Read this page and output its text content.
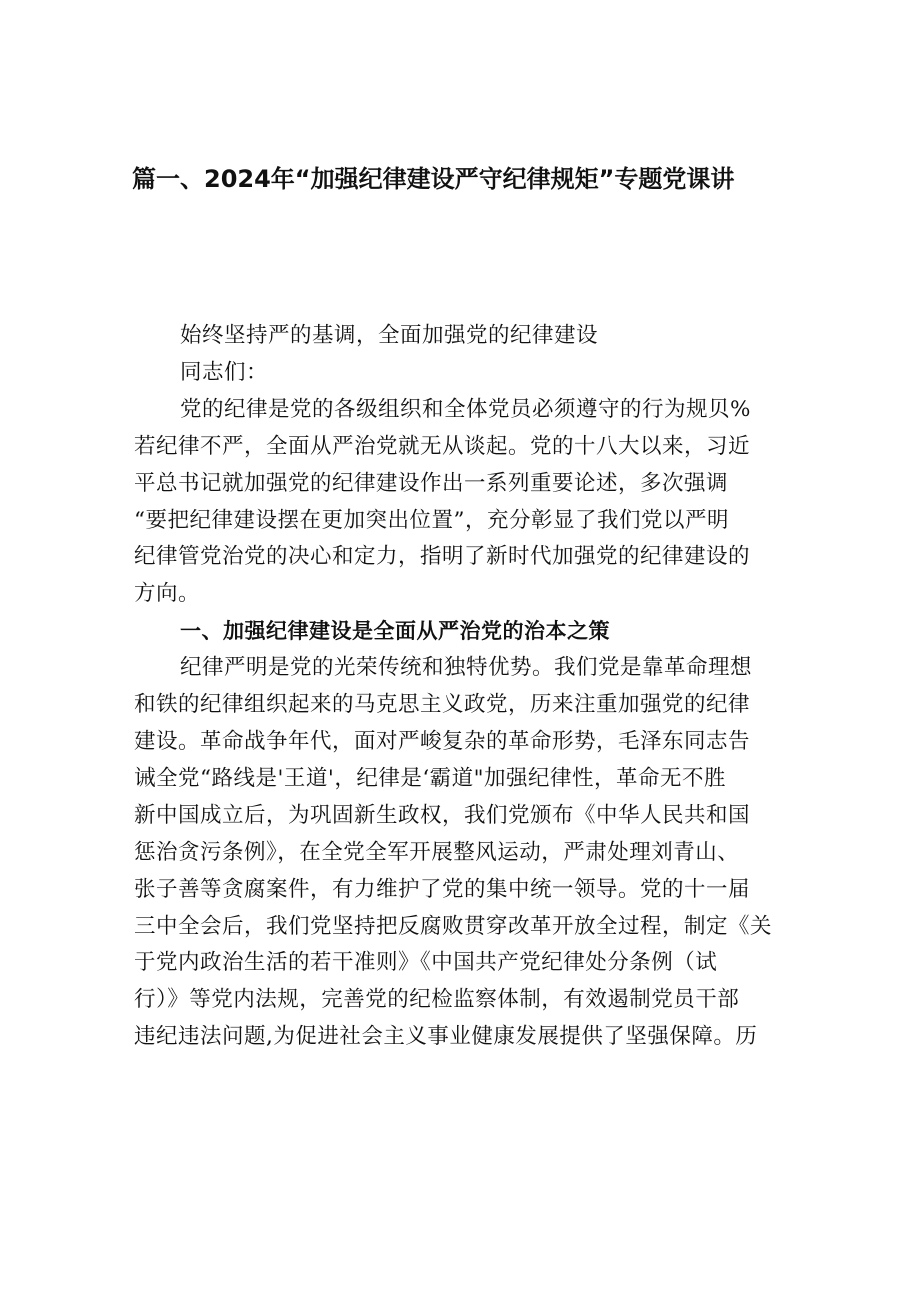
篇一、2024年“加强纪律建设严守纪律规矩”专题党课讲

始终坚持严的基调，全面加强党的纪律建设

同志们：

党的纪律是党的各级组织和全体党员必须遵守的行为规贝%

若纪律不严，全面从严治党就无从谈起。党的十八大以来，习近

平总书记就加强党的纪律建设作出一系列重要论述，多次强调

“要把纪律建设摆在更加突出位置”，充分彰显了我们党以严明

纪律管党治党的决心和定力，指明了新时代加强党的纪律建设的

方向。

一、加强纪律建设是全面从严治党的治本之策

纪律严明是党的光荣传统和独特优势。我们党是靠革命理想

和铁的纪律组织起来的马克思主义政党，历来注重加强党的纪律

建设。革命战争年代，面对严峻复杂的革命形势，毛泽东同志告

诫全党“路线是'王道'，纪律是‘霸道"加强纪律性，革命无不胜

新中国成立后，为巩固新生政权，我们党颁布《中华人民共和国

惩治贪污条例》，在全党全军开展整风运动，严肃处理刘青山、

张子善等贪腐案件，有力维护了党的集中统一领导。党的十一届

三中全会后，我们党坚持把反腐败贯穿改革开放全过程，制定《关

于党内政治生活的若干准则》《中国共产党纪律处分条例（试

行）》等党内法规，完善党的纪检监察体制，有效遏制党员干部

违纪违法问题,为促进社会主义事业健康发展提供了坚强保障。历
